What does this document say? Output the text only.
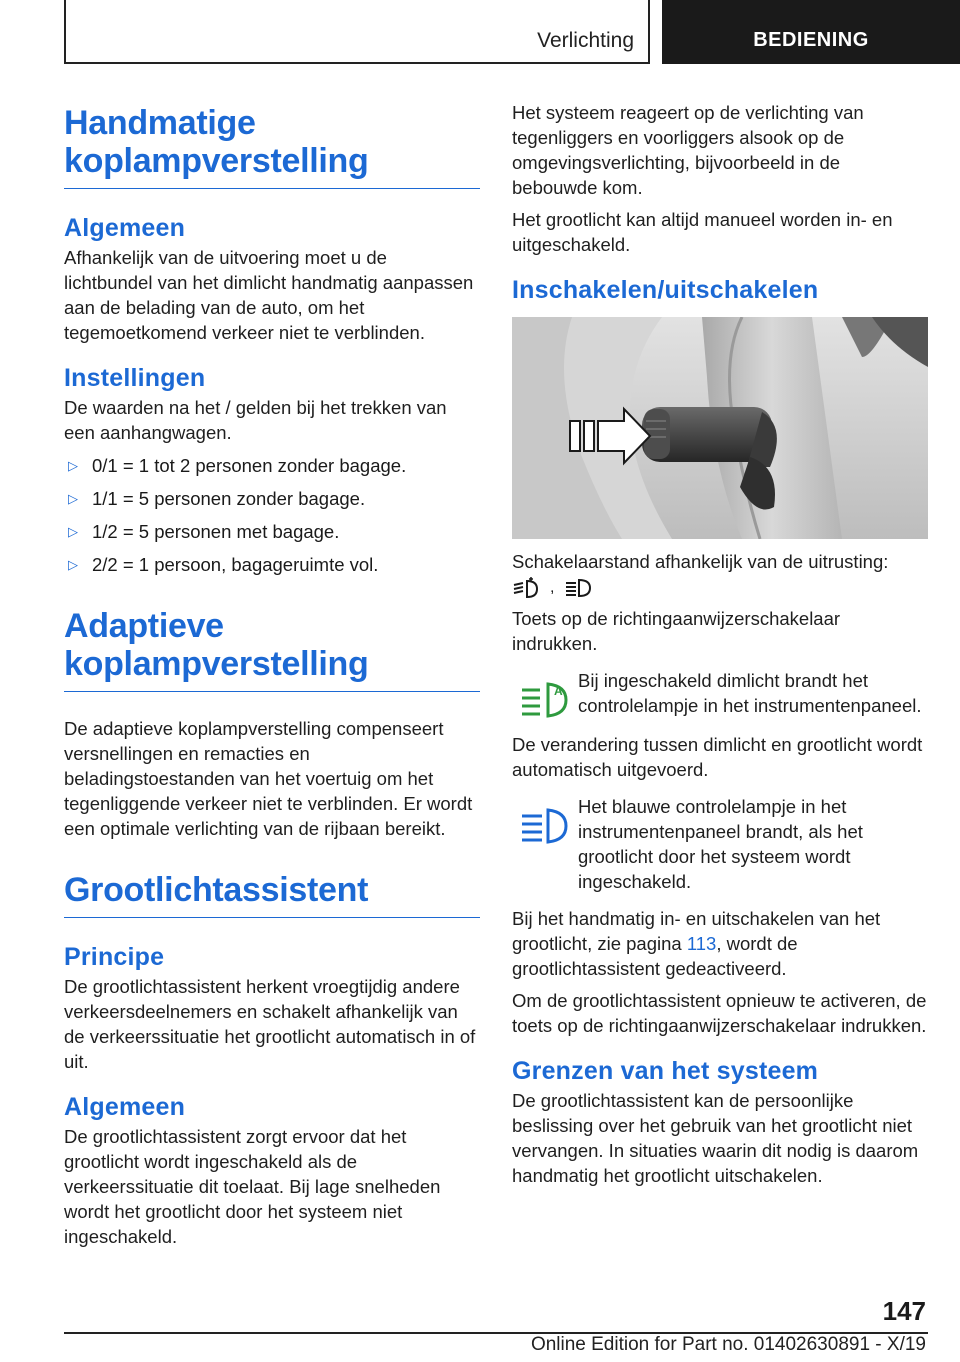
Verlichting	BEDIENING
Handmatige koplampverstelling
Algemeen
Afhankelijk van de uitvoering moet u de lichtbundel van het dimlicht handmatig aanpassen aan de belading van de auto, om het tegemoetkomend verkeer niet te verblinden.
Instellingen
De waarden na het / gelden bij het trekken van een aanhangwagen.
▷ 0/1 = 1 tot 2 personen zonder bagage.
▷ 1/1 = 5 personen zonder bagage.
▷ 1/2 = 5 personen met bagage.
▷ 2/2 = 1 persoon, bagageruimte vol.
Adaptieve koplampverstelling
De adaptieve koplampverstelling compenseert versnellingen en remacties en beladingstoestanden van het voertuig om het tegenliggende verkeer niet te verblinden. Er wordt een optimale verlichting van de rijbaan bereikt.
Grootlichtassistent
Principe
De grootlichtassistent herkent vroegtijdig andere verkeersdeelnemers en schakelt afhankelijk van de verkeerssituatie het grootlicht automatisch in of uit.
Algemeen
De grootlichtassistent zorgt ervoor dat het grootlicht wordt ingeschakeld als de verkeerssituatie dit toelaat. Bij lage snelheden wordt het grootlicht door het systeem niet ingeschakeld.
Het systeem reageert op de verlichting van tegenliggers en voorliggers alsook op de omgevingsverlichting, bijvoorbeeld in de bebouwde kom.
Het grootlicht kan altijd manueel worden in- en uitgeschakeld.
Inschakelen/uitschakelen
Schakelaarstand afhankelijk van de uitrusting:
,
Toets op de richtingaanwijzerschakelaar indrukken.
A Bij ingeschakeld dimlicht brandt het controlelampje in het instrumentenpaneel.
De verandering tussen dimlicht en grootlicht wordt automatisch uitgevoerd.
Het blauwe controlelampje in het instrumentenpaneel brandt, als het grootlicht door het systeem wordt ingeschakeld.
Bij het handmatig in- en uitschakelen van het grootlicht, zie pagina 113, wordt de grootlichtassistent gedeactiveerd.
Om de grootlichtassistent opnieuw te activeren, de toets op de richtingaanwijzerschakelaar indrukken.
Grenzen van het systeem
De grootlichtassistent kan de persoonlijke beslissing over het gebruik van het grootlicht niet vervangen. In situaties waarin dit nodig is daarom handmatig het grootlicht uitschakelen.
147
Online Edition for Part no. 01402630891 - X/19
